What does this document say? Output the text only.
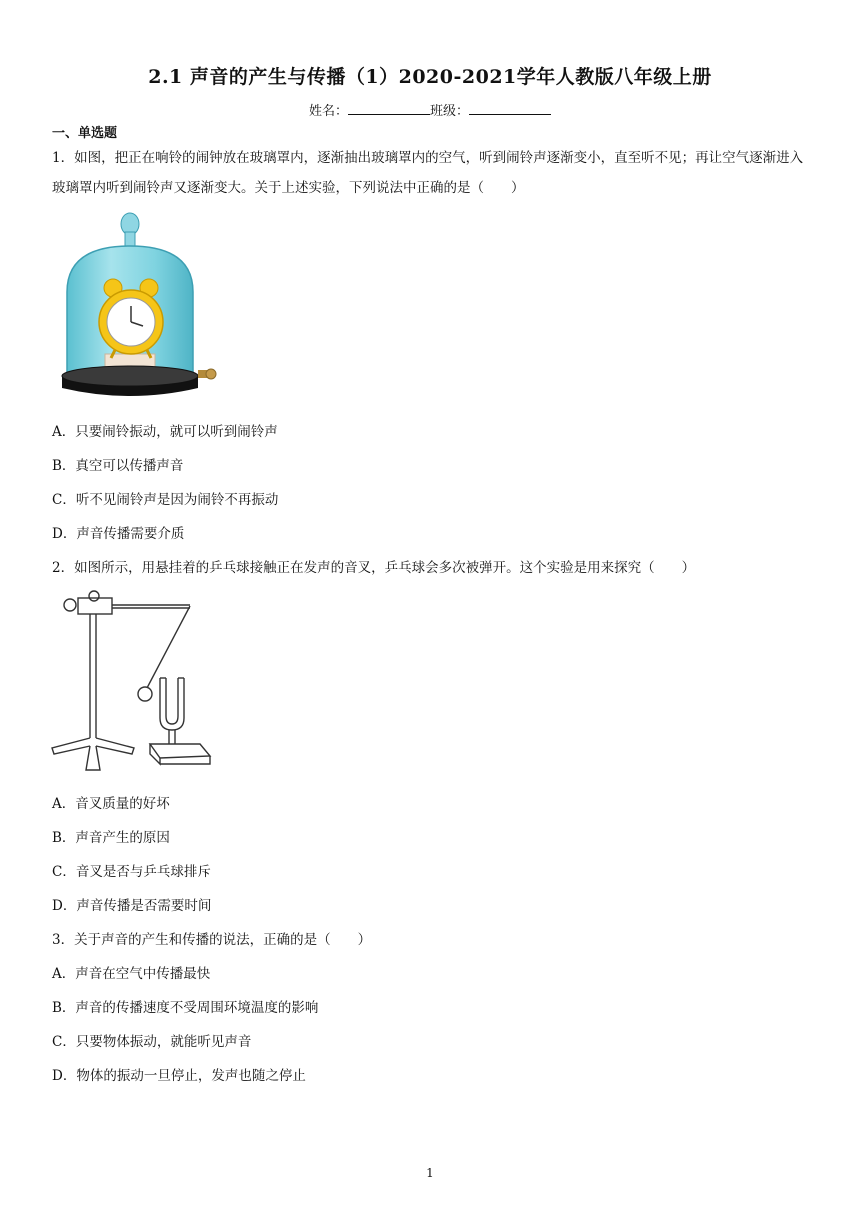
2.1 声音的产生与传播（1）2020-2021学年人教版八年级上册
姓名：	班级：
一、单选题
1．如图，把正在响铃的闹钟放在玻璃罩内，逐渐抽出玻璃罩内的空气，听到闹铃声逐渐变小，直至听不见；再让空气逐渐进入玻璃罩内听到闹铃声又逐渐变大。关于上述实验，下列说法中正确的是（　　）
A．只要闹铃振动，就可以听到闹铃声
B．真空可以传播声音
C．听不见闹铃声是因为闹铃不再振动
D．声音传播需要介质
2．如图所示，用悬挂着的乒乓球接触正在发声的音叉，乒乓球会多次被弹开。这个实验是用来探究（　　）
A．音叉质量的好坏
B．声音产生的原因
C．音叉是否与乒乓球排斥
D．声音传播是否需要时间
3．关于声音的产生和传播的说法，正确的是（　　）
A．声音在空气中传播最快
B．声音的传播速度不受周围环境温度的影响
C．只要物体振动，就能听见声音
D．物体的振动一旦停止，发声也随之停止
1
